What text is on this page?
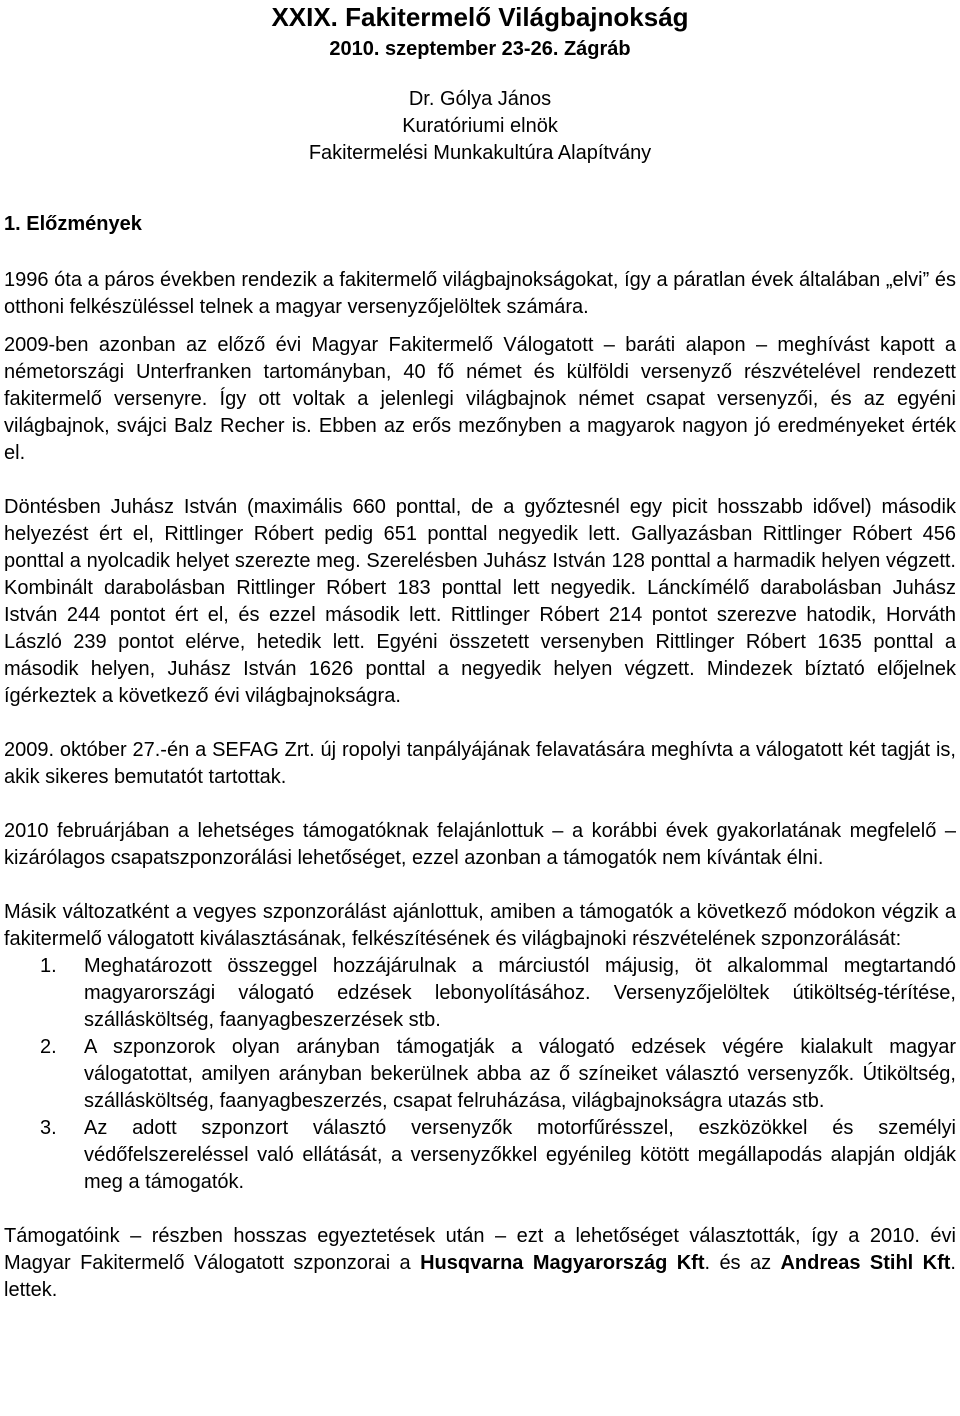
XXIX. Fakitermelő Világbajnokság
2010. szeptember 23-26. Zágráb
Dr. Gólya János
Kuratóriumi elnök
Fakitermelési Munkakultúra Alapítvány
1. Előzmények

1996 óta a páros években rendezik a fakitermelő világbajnokságokat, így a páratlan évek általában „elvi” és otthoni felkészüléssel telnek a magyar versenyzőjelöltek számára.

2009-ben azonban az előző évi Magyar Fakitermelő Válogatott – baráti alapon – meghívást kapott a németországi Unterfranken tartományban, 40 fő német és külföldi versenyző részvételével rendezett fakitermelő versenyre. Így ott voltak a jelenlegi világbajnok német csapat versenyzői, és az egyéni világbajnok, svájci Balz Recher is. Ebben az erős mezőnyben a magyarok nagyon jó eredményeket érték el.

Döntésben Juhász István (maximális 660 ponttal, de a győztesnél egy picit hosszabb idővel) második helyezést ért el, Rittlinger Róbert pedig 651 ponttal negyedik lett. Gallyazásban Rittlinger Róbert 456 ponttal a nyolcadik helyet szerezte meg. Szerelésben Juhász István 128 ponttal a harmadik helyen végzett. Kombinált darabolásban Rittlinger Róbert 183 ponttal lett negyedik. Lánckímélő darabolásban Juhász István 244 pontot ért el, és ezzel második lett. Rittlinger Róbert 214 pontot szerezve hatodik, Horváth László 239 pontot elérve, hetedik lett. Egyéni összetett versenyben Rittlinger Róbert 1635 ponttal a második helyen, Juhász István 1626 ponttal a negyedik helyen végzett. Mindezek bíztató előjelnek ígérkeztek a következő évi világbajnokságra.

2009. október 27.-én a SEFAG Zrt. új ropolyi tanpályájának felavatására meghívta a válogatott két tagját is, akik sikeres bemutatót tartottak.

2010 februárjában a lehetséges támogatóknak felajánlottuk – a korábbi évek gyakorlatának megfelelő – kizárólagos csapatszponzorálási lehetőséget, ezzel azonban a támogatók nem kívántak élni.

Másik változatként a vegyes szponzorálást ajánlottuk, amiben a támogatók a következő módokon végzik a fakitermelő válogatott kiválasztásának, felkészítésének és világbajnoki részvételének szponzorálását:

1. Meghatározott összeggel hozzájárulnak a márciustól májusig, öt alkalommal megtartandó magyarországi válogató edzések lebonyolításához. Versenyzőjelöltek útiköltség-térítése, szállásköltség, faanyagbeszerzések stb.
2. A szponzorok olyan arányban támogatják a válogató edzések végére kialakult magyar válogatottat, amilyen arányban bekerülnek abba az ő színeiket választó versenyzők. Útiköltség, szállásköltség, faanyagbeszerzés, csapat felruházása, világbajnokságra utazás stb.
3. Az adott szponzort választó versenyzők motorfűrésszel, eszközökkel és személyi védőfelszereléssel való ellátását, a versenyzőkkel egyénileg kötött megállapodás alapján oldják meg a támogatók.

Támogatóink – részben hosszas egyeztetések után – ezt a lehetőséget választották, így a 2010. évi Magyar Fakitermelő Válogatott szponzorai a Husqvarna Magyarország Kft. és az Andreas Stihl Kft. lettek.
